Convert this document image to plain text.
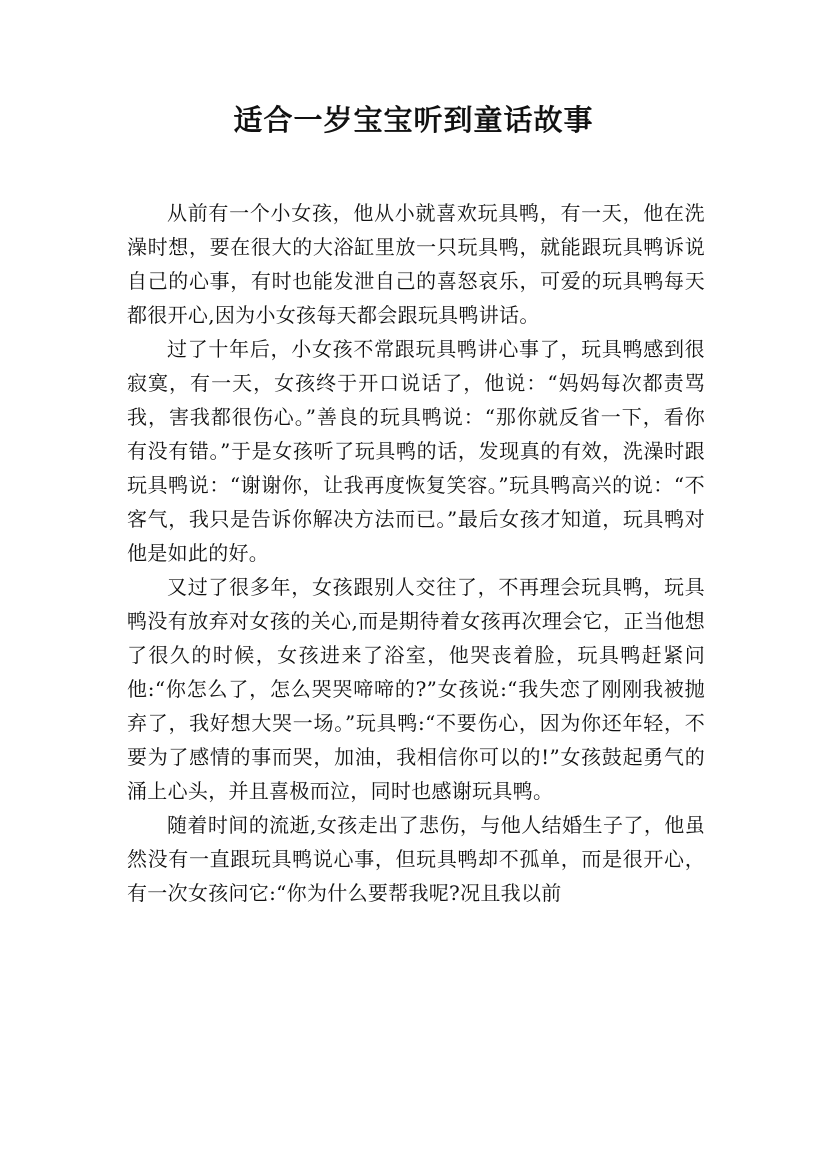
适合一岁宝宝听到童话故事

从前有一个小女孩，他从小就喜欢玩具鸭，有一天，他在洗澡时想，要在很大的大浴缸里放一只玩具鸭，就能跟玩具鸭诉说自己的心事，有时也能发泄自己的喜怒哀乐，可爱的玩具鸭每天都很开心,因为小女孩每天都会跟玩具鸭讲话。

过了十年后，小女孩不常跟玩具鸭讲心事了，玩具鸭感到很寂寞，有一天，女孩终于开口说话了，他说：“妈妈每次都责骂我，害我都很伤心。”善良的玩具鸭说：“那你就反省一下，看你有没有错。”于是女孩听了玩具鸭的话，发现真的有效，洗澡时跟玩具鸭说：“谢谢你，让我再度恢复笑容。”玩具鸭高兴的说：“不客气，我只是告诉你解决方法而已。”最后女孩才知道，玩具鸭对他是如此的好。

又过了很多年，女孩跟别人交往了，不再理会玩具鸭，玩具鸭没有放弃对女孩的关心,而是期待着女孩再次理会它，正当他想了很久的时候，女孩进来了浴室，他哭丧着脸，玩具鸭赶紧问他:“你怎么了，怎么哭哭啼啼的?”女孩说:“我失恋了刚刚我被抛弃了，我好想大哭一场。”玩具鸭:“不要伤心，因为你还年轻，不要为了感情的事而哭，加油，我相信你可以的!”女孩鼓起勇气的涌上心头，并且喜极而泣，同时也感谢玩具鸭。

随着时间的流逝,女孩走出了悲伤，与他人结婚生子了，他虽然没有一直跟玩具鸭说心事，但玩具鸭却不孤单，而是很开心，有一次女孩问它:“你为什么要帮我呢?况且我以前
